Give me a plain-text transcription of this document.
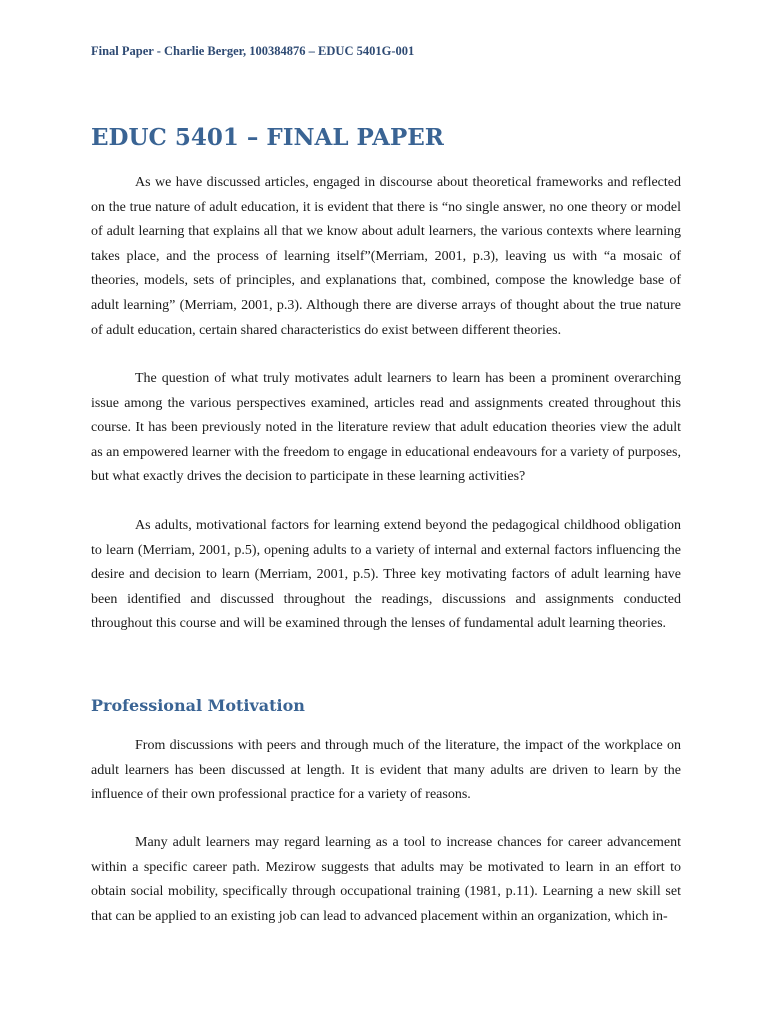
Final Paper - Charlie Berger, 100384876 – EDUC 5401G-001
EDUC 5401 – FINAL PAPER

As we have discussed articles, engaged in discourse about theoretical frameworks and reflected on the true nature of adult education, it is evident that there is “no single answer, no one theory or model of adult learning that explains all that we know about adult learners, the various contexts where learning takes place, and the process of learning itself”(Merriam, 2001, p.3), leaving us with “a mosaic of theories, models, sets of principles, and explanations that, combined, compose the knowledge base of adult learning” (Merriam, 2001, p.3). Although there are diverse arrays of thought about the true nature of adult education, certain shared characteristics do exist between different theories.

The question of what truly motivates adult learners to learn has been a prominent overarching issue among the various perspectives examined, articles read and assignments created throughout this course. It has been previously noted in the literature review that adult education theories view the adult as an empowered learner with the freedom to engage in educational endeavours for a variety of purposes, but what exactly drives the decision to participate in these learning activities?

As adults, motivational factors for learning extend beyond the pedagogical childhood obligation to learn (Merriam, 2001, p.5), opening adults to a variety of internal and external factors influencing the desire and decision to learn (Merriam, 2001, p.5). Three key motivating factors of adult learning have been identified and discussed throughout the readings, discussions and assignments conducted throughout this course and will be examined through the lenses of fundamental adult learning theories.

Professional Motivation

From discussions with peers and through much of the literature, the impact of the workplace on adult learners has been discussed at length. It is evident that many adults are driven to learn by the influence of their own professional practice for a variety of reasons.

Many adult learners may regard learning as a tool to increase chances for career advancement within a specific career path. Mezirow suggests that adults may be motivated to learn in an effort to obtain social mobility, specifically through occupational training (1981, p.11). Learning a new skill set that can be applied to an existing job can lead to advanced placement within an organization, which in-
